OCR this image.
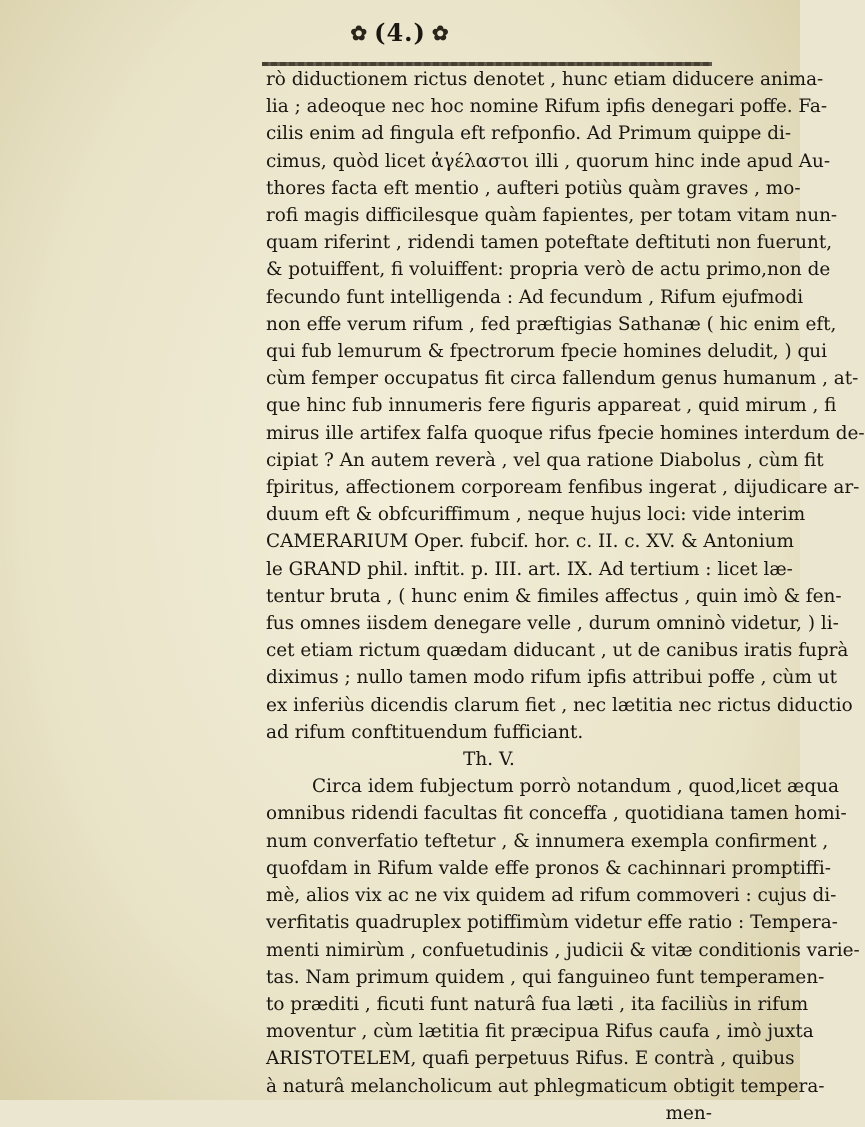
✿ (4.) ✿
rò diductionem rictus denotet , hunc etiam diducere anima-
lia ; adeoque nec hoc nomine Rifum ipfis denegari poffe. Fa-
cilis enim ad fingula eft refponfio. Ad Primum quippe di-
cimus, quòd licet ἀγέλαστοι illi , quorum hinc inde apud Au-
thores facta eft mentio , aufteri potiùs quàm graves , mo-
rofi magis difficilesque quàm fapientes, per totam vitam nun-
quam riferint , ridendi tamen poteftate deftituti non fuerunt,
& potuiffent, fi voluiffent: propria verò de actu primo,non de
fecundo funt intelligenda : Ad fecundum , Rifum ejufmodi
non effe verum rifum , fed præftigias Sathanæ ( hic enim eft,
qui fub lemurum & fpectrorum fpecie homines deludit, ) qui
cùm femper occupatus fit circa fallendum genus humanum , at-
que hinc fub innumeris fere figuris appareat , quid mirum , fi
mirus ille artifex falfa quoque rifus fpecie homines interdum de-
cipiat ? An autem reverà , vel qua ratione Diabolus , cùm fit
fpiritus, affectionem corpoream fenfibus ingerat , dijudicare ar-
duum eft & obfcuriffimum , neque hujus loci: vide interim
CAMERARIUM Oper. fubcif. hor. c. II. c. XV. & Antonium
le GRAND phil. inftit. p. III. art. IX. Ad tertium : licet læ-
tentur bruta , ( hunc enim & fimiles affectus , quin imò & fen-
fus omnes iisdem denegare velle , durum omninò videtur, ) li-
cet etiam rictum quædam diducant , ut de canibus iratis fuprà
diximus ; nullo tamen modo rifum ipfis attribui poffe , cùm ut
ex inferiùs dicendis clarum fiet , nec lætitia nec rictus diductio
ad rifum conftituendum fufficiant.
Th. V.
Circa idem fubjectum porrò notandum , quod,licet æqua
omnibus ridendi facultas fit conceffa , quotidiana tamen homi-
num converfatio teftetur , & innumera exempla confirment ,
quofdam in Rifum valde effe pronos & cachinnari promptiffi-
mè, alios vix ac ne vix quidem ad rifum commoveri : cujus di-
verfitatis quadruplex potiffimùm videtur effe ratio : Tempera-
menti nimirùm , confuetudinis , judicii & vitæ conditionis varie-
tas. Nam primum quidem , qui fanguineo funt temperamen-
to præditi , ficuti funt naturâ fua læti , ita faciliùs in rifum
moventur , cùm lætitia fit præcipua Rifus caufa , imò juxta
ARISTOTELEM, quafi perpetuus Rifus. E contrà , quibus
à naturâ melancholicum aut phlegmaticum obtigit tempera-
men-
